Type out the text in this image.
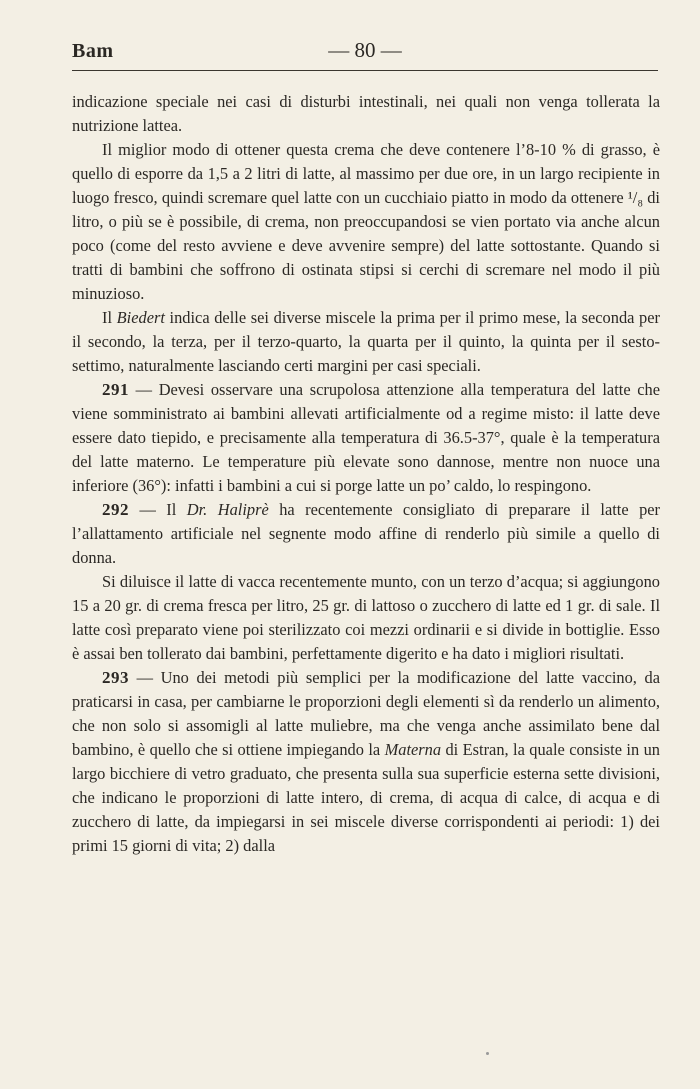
Bam	— 80 —

indicazione speciale nei casi di disturbi intestinali, nei quali non venga tollerata la nutrizione lattea.

Il miglior modo di ottener questa crema che deve contenere l’8-10 % di grasso, è quello di esporre da 1,5 a 2 litri di latte, al massimo per due ore, in un largo recipiente in luogo fresco, quindi scremare quel latte con un cucchiaio piatto in modo da ottenere ¹/₈ di litro, o più se è possibile, di crema, non preoccupandosi se vien portato via anche alcun poco (come del resto avviene e deve avvenire sempre) del latte sottostante. Quando si tratti di bambini che soffrono di ostinata stipsi si cerchi di scremare nel modo il più minuzioso.

Il Biedert indica delle sei diverse miscele la prima per il primo mese, la seconda per il secondo, la terza, per il terzo-quarto, la quarta per il quinto, la quinta per il sesto-settimo, naturalmente lasciando certi margini per casi speciali.

291 — Devesi osservare una scrupolosa attenzione alla temperatura del latte che viene somministrato ai bambini allevati artificialmente od a regime misto: il latte deve essere dato tiepido, e precisamente alla temperatura di 36.5-37°, quale è la temperatura del latte materno. Le temperature più elevate sono dannose, mentre non nuoce una inferiore (36°): infatti i bambini a cui si porge latte un po’ caldo, lo respingono.

292 — Il Dr. Haliprè ha recentemente consigliato di preparare il latte per l’allattamento artificiale nel segnente modo affine di renderlo più simile a quello di donna.

Si diluisce il latte di vacca recentemente munto, con un terzo d’acqua; si aggiungono 15 a 20 gr. di crema fresca per litro, 25 gr. di lattoso o zucchero di latte ed 1 gr. di sale. Il latte così preparato viene poi sterilizzato coi mezzi ordinarii e si divide in bottiglie. Esso è assai ben tollerato dai bambini, perfettamente digerito e ha dato i migliori risultati.

293 — Uno dei metodi più semplici per la modificazione del latte vaccino, da praticarsi in casa, per cambiarne le proporzioni degli elementi sì da renderlo un alimento, che non solo si assomigli al latte muliebre, ma che venga anche assimilato bene dal bambino, è quello che si ottiene impiegando la Materna di Estran, la quale consiste in un largo bicchiere di vetro graduato, che presenta sulla sua superficie esterna sette divisioni, che indicano le proporzioni di latte intero, di crema, di acqua di calce, di acqua e di zucchero di latte, da impiegarsi in sei miscele diverse corrispondenti ai periodi: 1) dei primi 15 giorni di vita; 2) dalla
